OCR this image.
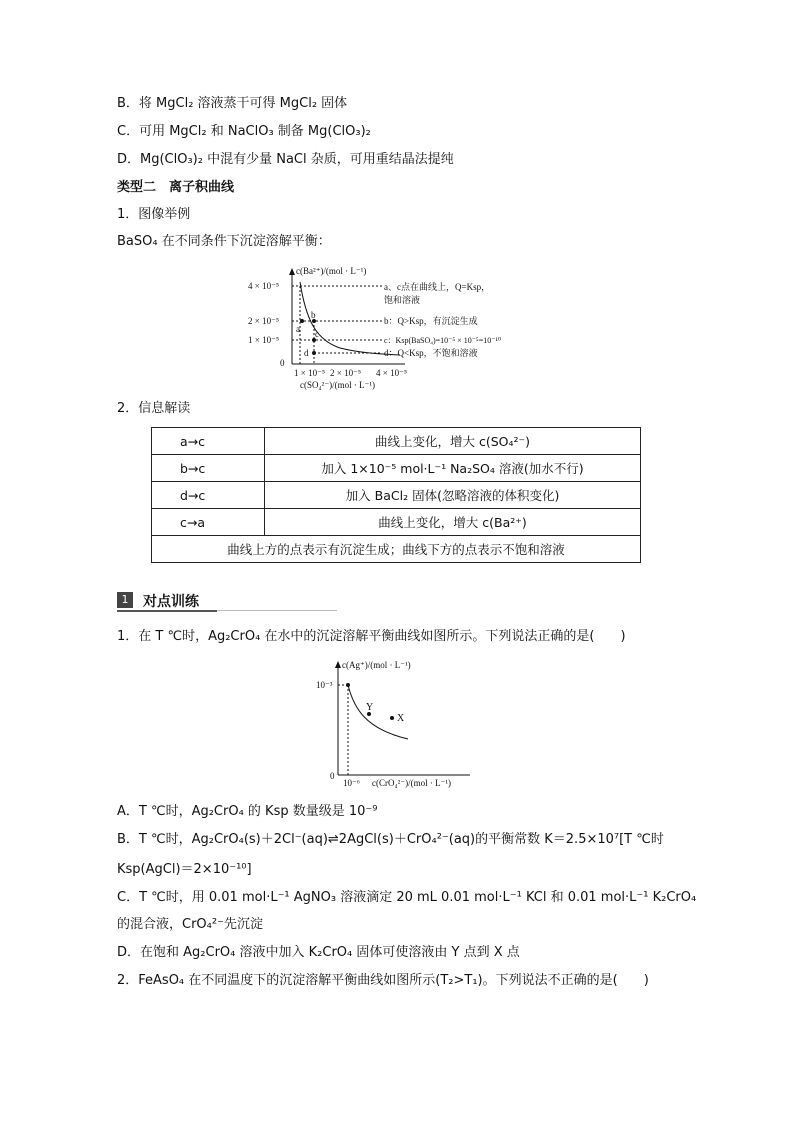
B．将 MgCl₂ 溶液蒸干可得 MgCl₂ 固体
C．可用 MgCl₂ 和 NaClO₃ 制备 Mg(ClO₃)₂
D．Mg(ClO₃)₂ 中混有少量 NaCl 杂质，可用重结晶法提纯
类型二　离子积曲线
1．图像举例
BaSO₄ 在不同条件下沉淀溶解平衡：
a
b
c
d
c(Ba²⁺)/(mol · L⁻¹)
4 × 10⁻⁵
2 × 10⁻⁵
1 × 10⁻⁵
0
1 × 10⁻⁵ 2 × 10⁻⁵ 4 × 10⁻⁵
c(SO₄²⁻)/(mol · L⁻¹)
a、c点在曲线上，Q=Ksp，
饱和溶液
b：Q>Ksp，有沉淀生成
c：Ksp(BaSO₄)=10⁻⁵ × 10⁻⁵=10⁻¹⁰
d：Q<Ksp，不饱和溶液
2．信息解读
a→c	曲线上变化，增大 c(SO₄²⁻)
b→c	加入 1×10⁻⁵ mol·L⁻¹ Na₂SO₄ 溶液(加水不行)
d→c	加入 BaCl₂ 固体(忽略溶液的体积变化)
c→a	曲线上变化，增大 c(Ba²⁺)
曲线上方的点表示有沉淀生成；曲线下方的点表示不饱和溶液	
1	对点训练
1．在 T ℃时，Ag₂CrO₄ 在水中的沉淀溶解平衡曲线如图所示。下列说法正确的是(　　)
Y
X
c(Ag⁺)/(mol · L⁻¹)
10⁻³
0
10⁻⁶ c(CrO₄²⁻)/(mol · L⁻¹)
A．T ℃时，Ag₂CrO₄ 的 Ksp 数量级是 10⁻⁹
B．T ℃时，Ag₂CrO₄(s)＋2Cl⁻(aq)⇌2AgCl(s)＋CrO₄²⁻(aq)的平衡常数 K＝2.5×10⁷[T ℃时
Ksp(AgCl)＝2×10⁻¹⁰]
C．T ℃时，用 0.01 mol·L⁻¹ AgNO₃ 溶液滴定 20 mL 0.01 mol·L⁻¹ KCl 和 0.01 mol·L⁻¹ K₂CrO₄
的混合液，CrO₄²⁻先沉淀
D．在饱和 Ag₂CrO₄ 溶液中加入 K₂CrO₄ 固体可使溶液由 Y 点到 X 点
2．FeAsO₄ 在不同温度下的沉淀溶解平衡曲线如图所示(T₂>T₁)。下列说法不正确的是(　　)
